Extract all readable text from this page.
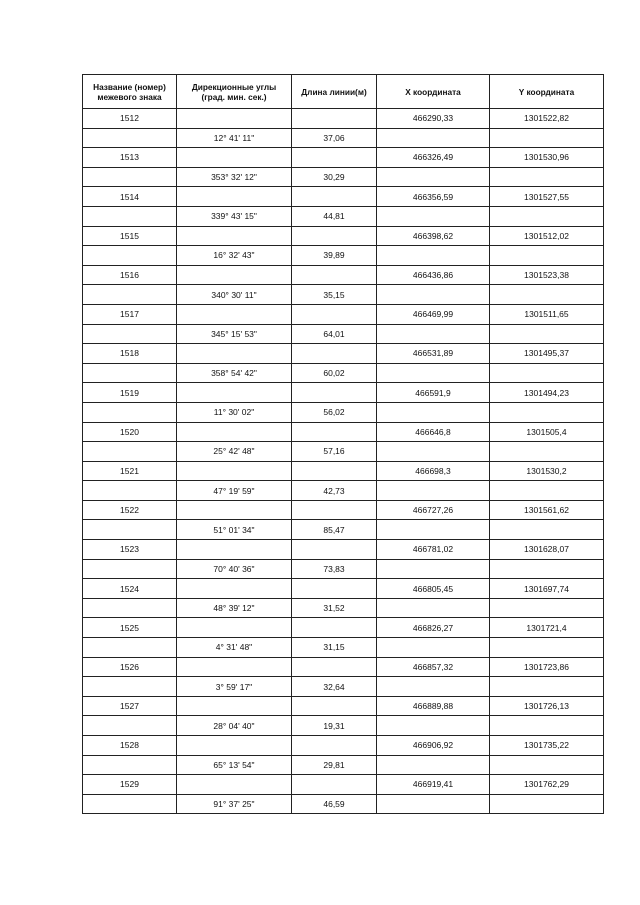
Название (номер)
межевого знака	Дирекционные углы
(град. мин. сек.)	Длина линии(м)	X координата	Y координата
1512			466290,33	1301522,82
	12° 41' 11"	37,06		
1513			466326,49	1301530,96
	353° 32' 12"	30,29		
1514			466356,59	1301527,55
	339° 43' 15"	44,81		
1515			466398,62	1301512,02
	16° 32' 43"	39,89		
1516			466436,86	1301523,38
	340° 30' 11"	35,15		
1517			466469,99	1301511,65
	345° 15' 53"	64,01		
1518			466531,89	1301495,37
	358° 54' 42"	60,02		
1519			466591,9	1301494,23
	11° 30' 02"	56,02		
1520			466646,8	1301505,4
	25° 42' 48"	57,16		
1521			466698,3	1301530,2
	47° 19' 59"	42,73		
1522			466727,26	1301561,62
	51° 01' 34"	85,47		
1523			466781,02	1301628,07
	70° 40' 36"	73,83		
1524			466805,45	1301697,74
	48° 39' 12"	31,52		
1525			466826,27	1301721,4
	4° 31' 48"	31,15		
1526			466857,32	1301723,86
	3° 59' 17"	32,64		
1527			466889,88	1301726,13
	28° 04' 40"	19,31		
1528			466906,92	1301735,22
	65° 13' 54"	29,81		
1529			466919,41	1301762,29
	91° 37' 25"	46,59		
